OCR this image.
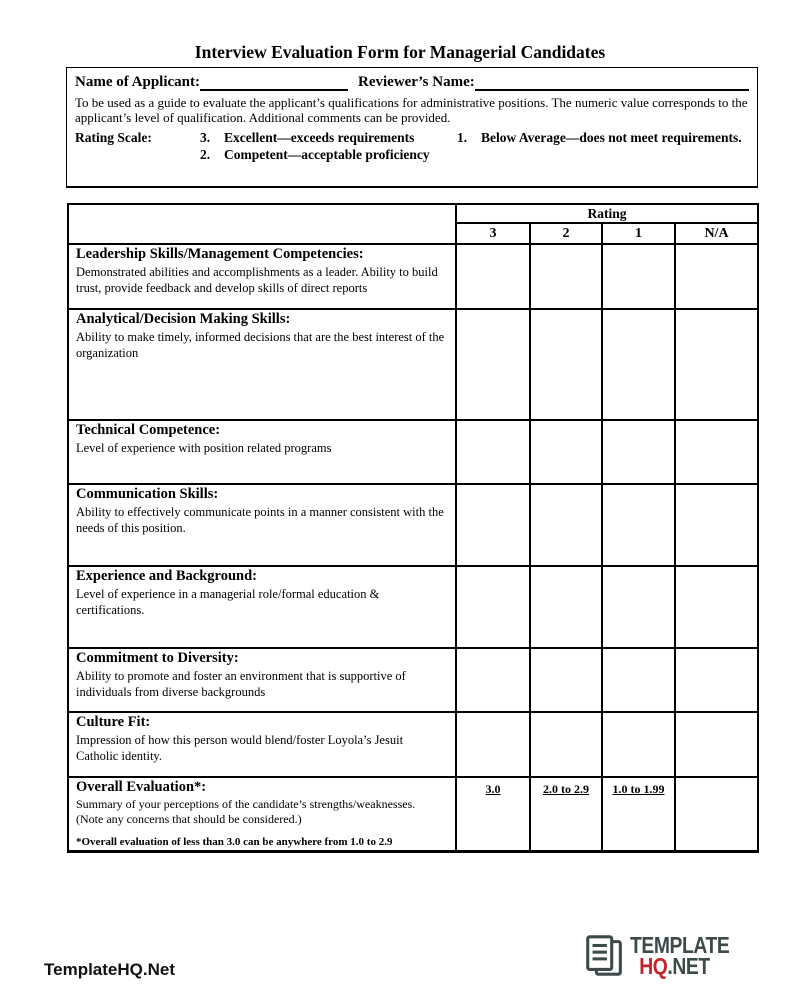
Interview Evaluation Form for Managerial Candidates
Name of Applicant:	Reviewer’s Name:

To be used as a guide to evaluate the applicant’s qualifications for administrative positions. The numeric value corresponds to the applicant’s level of qualification. Additional comments can be provided.

Rating Scale:	3.	Excellent—exceeds requirements
2.	Competent—acceptable proficiency
1.	Below Average—does not meet requirements.
	Rating			
	3	2	1	N/A

Leadership Skills/Management Competencies:
Demonstrated abilities and accomplishments as a leader. Ability to build trust, provide feedback and develop skills of direct reports				

Analytical/Decision Making Skills:
Ability to make timely, informed decisions that are the best interest of the organization				

Technical Competence:
Level of experience with position related programs				

Communication Skills:
Ability to effectively communicate points in a manner consistent with the needs of this position.				

Experience and Background:
Level of experience in a managerial role/formal education & certifications.				

Commitment to Diversity:
Ability to promote and foster an environment that is supportive of individuals from diverse backgrounds				

Culture Fit:
Impression of how this person would blend/foster Loyola’s Jesuit Catholic identity.				

Overall Evaluation*:
Summary of your perceptions of the candidate’s strengths/weaknesses.
(Note any concerns that should be considered.)
*Overall evaluation of less than 3.0 can be anywhere from 1.0 to 2.9	3.0	2.0 to 2.9	1.0 to 1.99	
TemplateHQ.Net
TEMPLATE
HQ.NET
